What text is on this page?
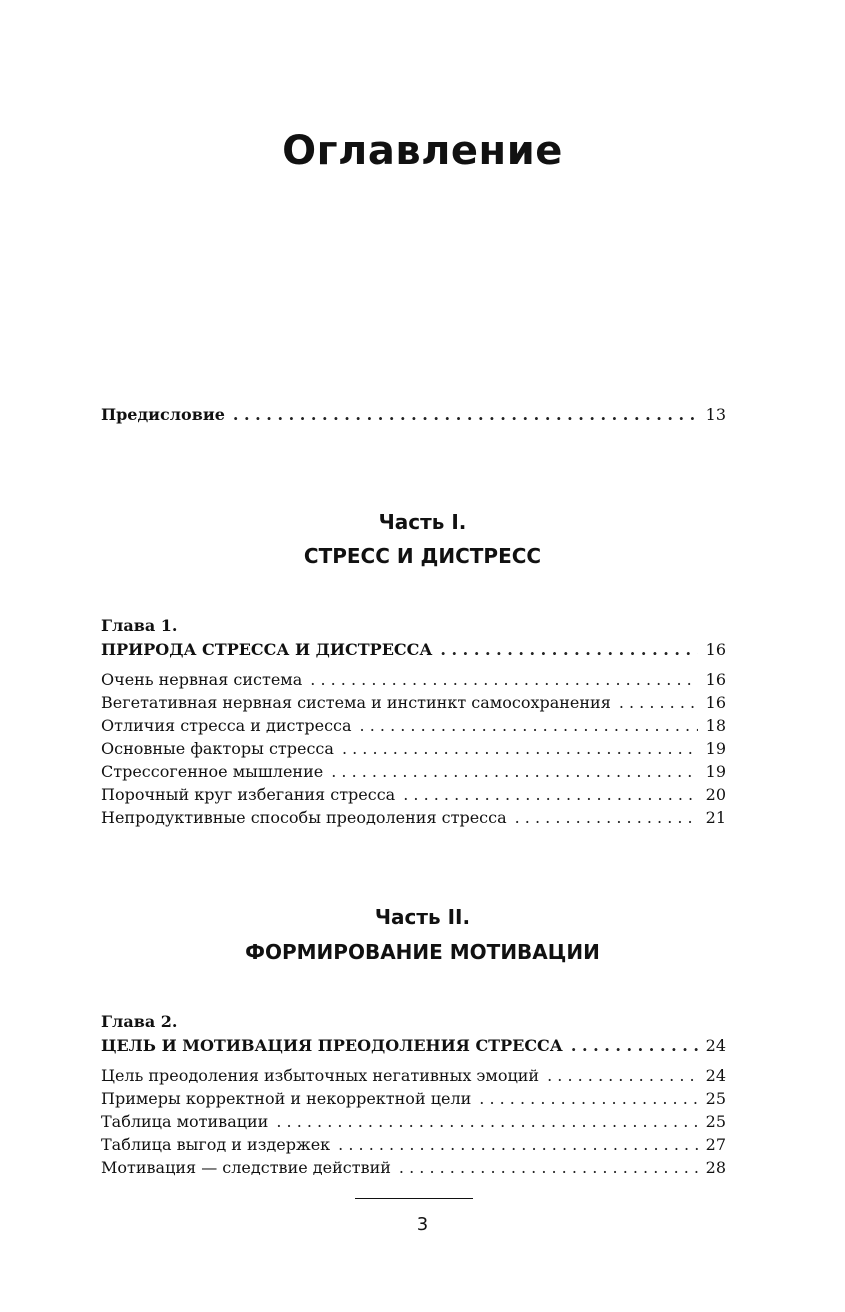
Оглавление
Предисловие . . .	13
Часть I.
СТРЕСС И ДИСТРЕСС
Глава 1.
ПРИРОДА СТРЕССА И ДИСТРЕССА . . .	16
Очень нервная система . . .	16
Вегетативная нервная система и инстинкт самосохранения . . .	16
Отличия стресса и дистресса . . .	18
Основные факторы стресса . . .	19
Стрессогенное мышление . . .	19
Порочный круг избегания стресса . . .	20
Непродуктивные способы преодоления стресса . . .	21
Часть II.
ФОРМИРОВАНИЕ МОТИВАЦИИ
Глава 2.
ЦЕЛЬ И МОТИВАЦИЯ ПРЕОДОЛЕНИЯ СТРЕССА . . .	24
Цель преодоления избыточных негативных эмоций . . .	24
Примеры корректной и некорректной цели . . .	25
Таблица мотивации . . .	25
Таблица выгод и издержек . . .	27
Мотивация — следствие действий . . .	28
3
